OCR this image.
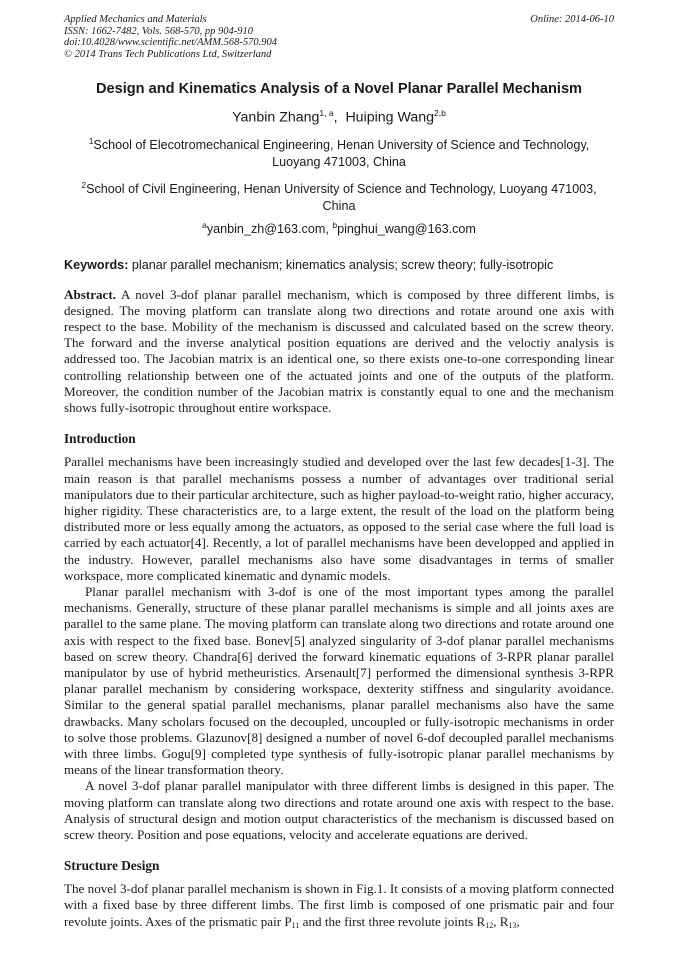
Applied Mechanics and Materials
ISSN: 1662-7482, Vols. 568-570, pp 904-910
doi:10.4028/www.scientific.net/AMM.568-570.904
© 2014 Trans Tech Publications Ltd, Switzerland
Online: 2014-06-10
Design and Kinematics Analysis of a Novel Planar Parallel Mechanism
Yanbin Zhang$^{1, a}$,  Huiping Wang$^{2,b}$
$^1$School of Elecotromechanical Engineering, Henan University of Science and Technology, Luoyang 471003, China
$^2$School of Civil Engineering, Henan University of Science and Technology, Luoyang 471003, China
$^a$yanbin_zh@163.com, $^b$pinghui_wang@163.com
Keywords: planar parallel mechanism; kinematics analysis; screw theory; fully-isotropic

Abstract. A novel 3-dof planar parallel mechanism, which is composed by three different limbs, is designed. The moving platform can translate along two directions and rotate around one axis with respect to the base. Mobility of the mechanism is discussed and calculated based on the screw theory. The forward and the inverse analytical position equations are derived and the veloctiy analysis is addressed too. The Jacobian matrix is an identical one, so there exists one-to-one corresponding linear controlling relationship between one of the actuated joints and one of the outputs of the platform. Moreover, the condition number of the Jacobian matrix is constantly equal to one and the mechanism shows fully-isotropic throughout entire workspace.

Introduction

Parallel mechanisms have been increasingly studied and developed over the last few decades[1-3]. The main reason is that parallel mechanisms possess a number of advantages over traditional serial manipulators due to their particular architecture, such as higher payload-to-weight ratio, higher accuracy, higher rigidity. These characteristics are, to a large extent, the result of the load on the platform being distributed more or less equally among the actuators, as opposed to the serial case where the full load is carried by each actuator[4]. Recently, a lot of parallel mechanisms have been developped and applied in the industry. However, parallel mechanisms also have some disadvantages in terms of smaller workspace, more complicated kinematic and dynamic models.

Planar parallel mechanism with 3-dof is one of the most important types among the parallel mechanisms. Generally, structure of these planar parallel mechanisms is simple and all joints axes are parallel to the same plane. The moving platform can translate along two directions and rotate around one axis with respect to the fixed base. Bonev[5] analyzed singularity of 3-dof planar parallel mechanisms based on screw theory. Chandra[6] derived the forward kinematic equations of 3-RPR planar parallel manipulator by use of hybrid metheuristics. Arsenault[7] performed the dimensional synthesis 3-RPR planar parallel mechanism by considering workspace, dexterity stiffness and singularity avoidance. Similar to the general spatial parallel mechanisms, planar parallel mechanisms also have the same drawbacks. Many scholars focused on the decoupled, uncoupled or fully-isotropic mechanisms in order to solve those problems. Glazunov[8] designed a number of novel 6-dof decoupled parallel mechanisms with three limbs. Gogu[9] completed type synthesis of fully-isotropic planar parallel mechanisms by means of the linear transformation theory.

A novel 3-dof planar parallel manipulator with three different limbs is designed in this paper. The moving platform can translate along two directions and rotate around one axis with respect to the base. Analysis of structural design and motion output characteristics of the mechanism is discussed based on screw theory. Position and pose equations, velocity and accelerate equations are derived.

Structure Design

The novel 3-dof planar parallel mechanism is shown in Fig.1. It consists of a moving platform connected with a fixed base by three different limbs. The first limb is composed of one prismatic pair and four revolute joints. Axes of the prismatic pair $P_{11}$ and the first three revolute joints $R_{12}$, $R_{13}$,
